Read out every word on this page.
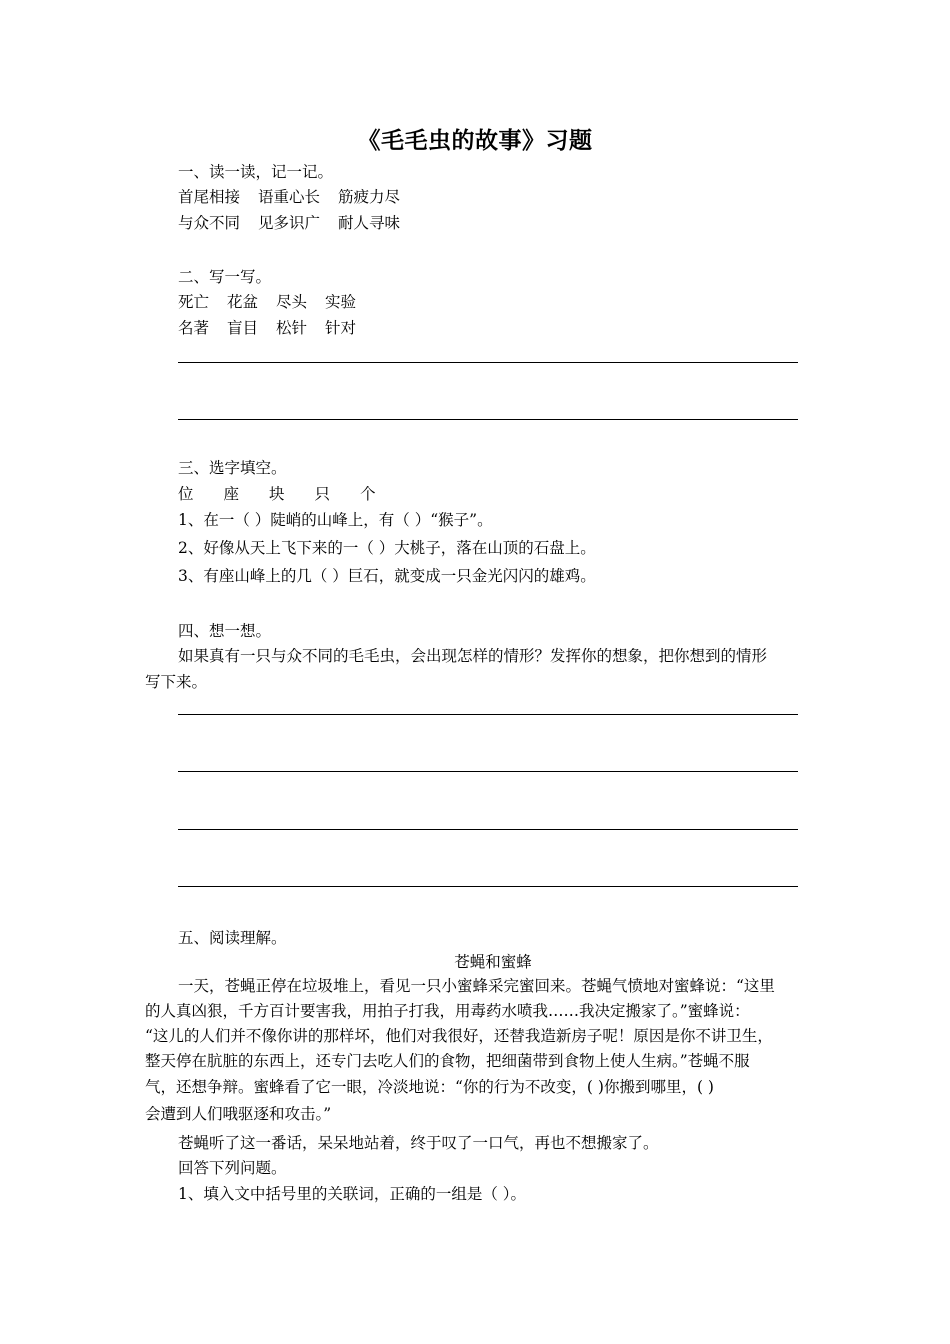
《毛毛虫的故事》习题
一、读一读，记一记。
首尾相接 语重心长 筋疲力尽
与众不同 见多识广 耐人寻味
二、写一写。
死亡 花盆 尽头 实验
名著 盲目 松针 针对
三、选字填空。
位 座 块 只 个
1、在一（ ）陡峭的山峰上，有（ ）“猴子”。
2、好像从天上飞下来的一（ ）大桃子，落在山顶的石盘上。
3、有座山峰上的几（ ）巨石，就变成一只金光闪闪的雄鸡。
四、想一想。
如果真有一只与众不同的毛毛虫，会出现怎样的情形？发挥你的想象，把你想到的情形
写下来。
五、阅读理解。
苍蝇和蜜蜂
一天，苍蝇正停在垃圾堆上，看见一只小蜜蜂采完蜜回来。苍蝇气愤地对蜜蜂说：“这里
的人真凶狠，千方百计要害我，用拍子打我，用毒药水喷我……我决定搬家了。”蜜蜂说：
“这儿的人们并不像你讲的那样坏，他们对我很好，还替我造新房子呢！原因是你不讲卫生，
整天停在肮脏的东西上，还专门去吃人们的食物，把细菌带到食物上使人生病。”苍蝇不服
气，还想争辩。蜜蜂看了它一眼，冷淡地说：“你的行为不改变，( )你搬到哪里，( )
会遭到人们哦驱逐和攻击。”
苍蝇听了这一番话，呆呆地站着，终于叹了一口气，再也不想搬家了。
回答下列问题。
1、填入文中括号里的关联词，正确的一组是（ ）。
